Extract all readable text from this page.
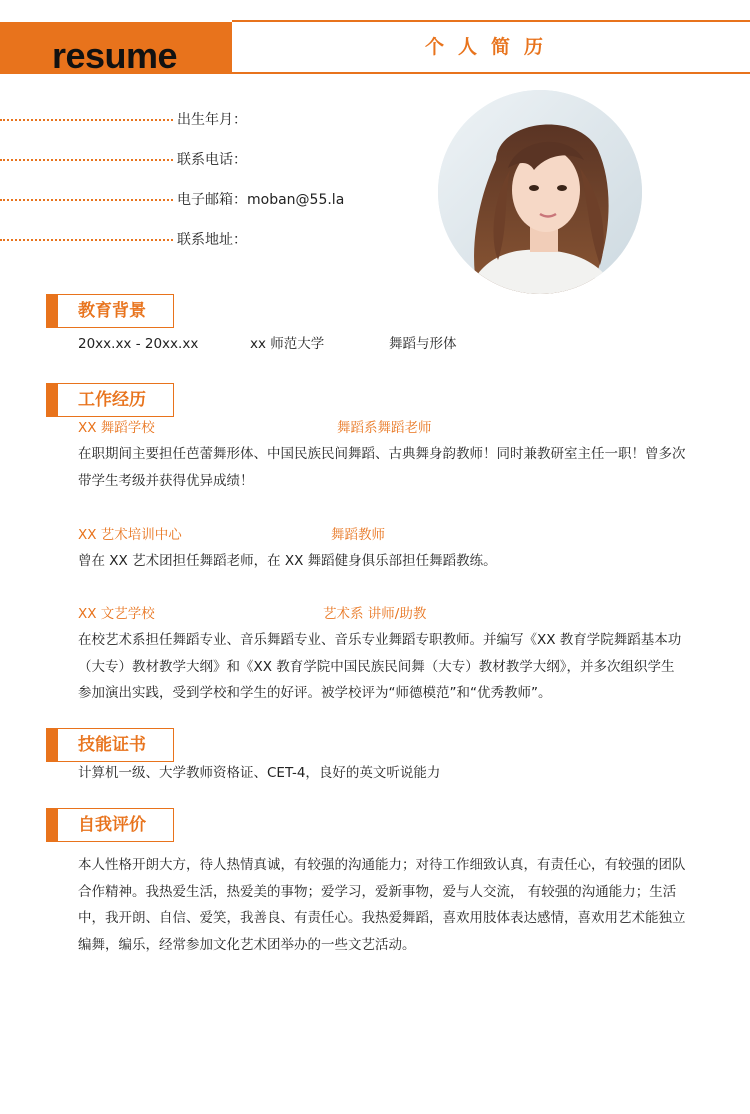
resume	个人简历
出生年月：
联系电话：
电子邮箱：moban@55.la
联系地址：
教育背景
20xx.xx - 20xx.xx	xx 师范大学	舞蹈与形体
工作经历
XX 舞蹈学校	舞蹈系舞蹈老师
在职期间主要担任芭蕾舞形体、中国民族民间舞蹈、古典舞身韵教师！同时兼教研室主任一职！曾多次带学生考级并获得优异成绩！
XX 艺术培训中心	舞蹈教师
曾在 XX 艺术团担任舞蹈老师，在 XX 舞蹈健身俱乐部担任舞蹈教练。
XX 文艺学校	艺术系 讲师/助教
在校艺术系担任舞蹈专业、音乐舞蹈专业、音乐专业舞蹈专职教师。并编写《XX 教育学院舞蹈基本功（大专）教材教学大纲》和《XX 教育学院中国民族民间舞（大专）教材教学大纲》，并多次组织学生参加演出实践，受到学校和学生的好评。被学校评为“师德模范”和“优秀教师”。
技能证书
计算机一级、大学教师资格证、CET-4，良好的英文听说能力
自我评价
本人性格开朗大方，待人热情真诚，有较强的沟通能力；对待工作细致认真，有责任心，有较强的团队合作精神。我热爱生活，热爱美的事物；爱学习，爱新事物，爱与人交流， 有较强的沟通能力；生活中，我开朗、自信、爱笑，我善良、有责任心。我热爱舞蹈，喜欢用肢体表达感情，喜欢用艺术能独立编舞，编乐，经常参加文化艺术团举办的一些文艺活动。
